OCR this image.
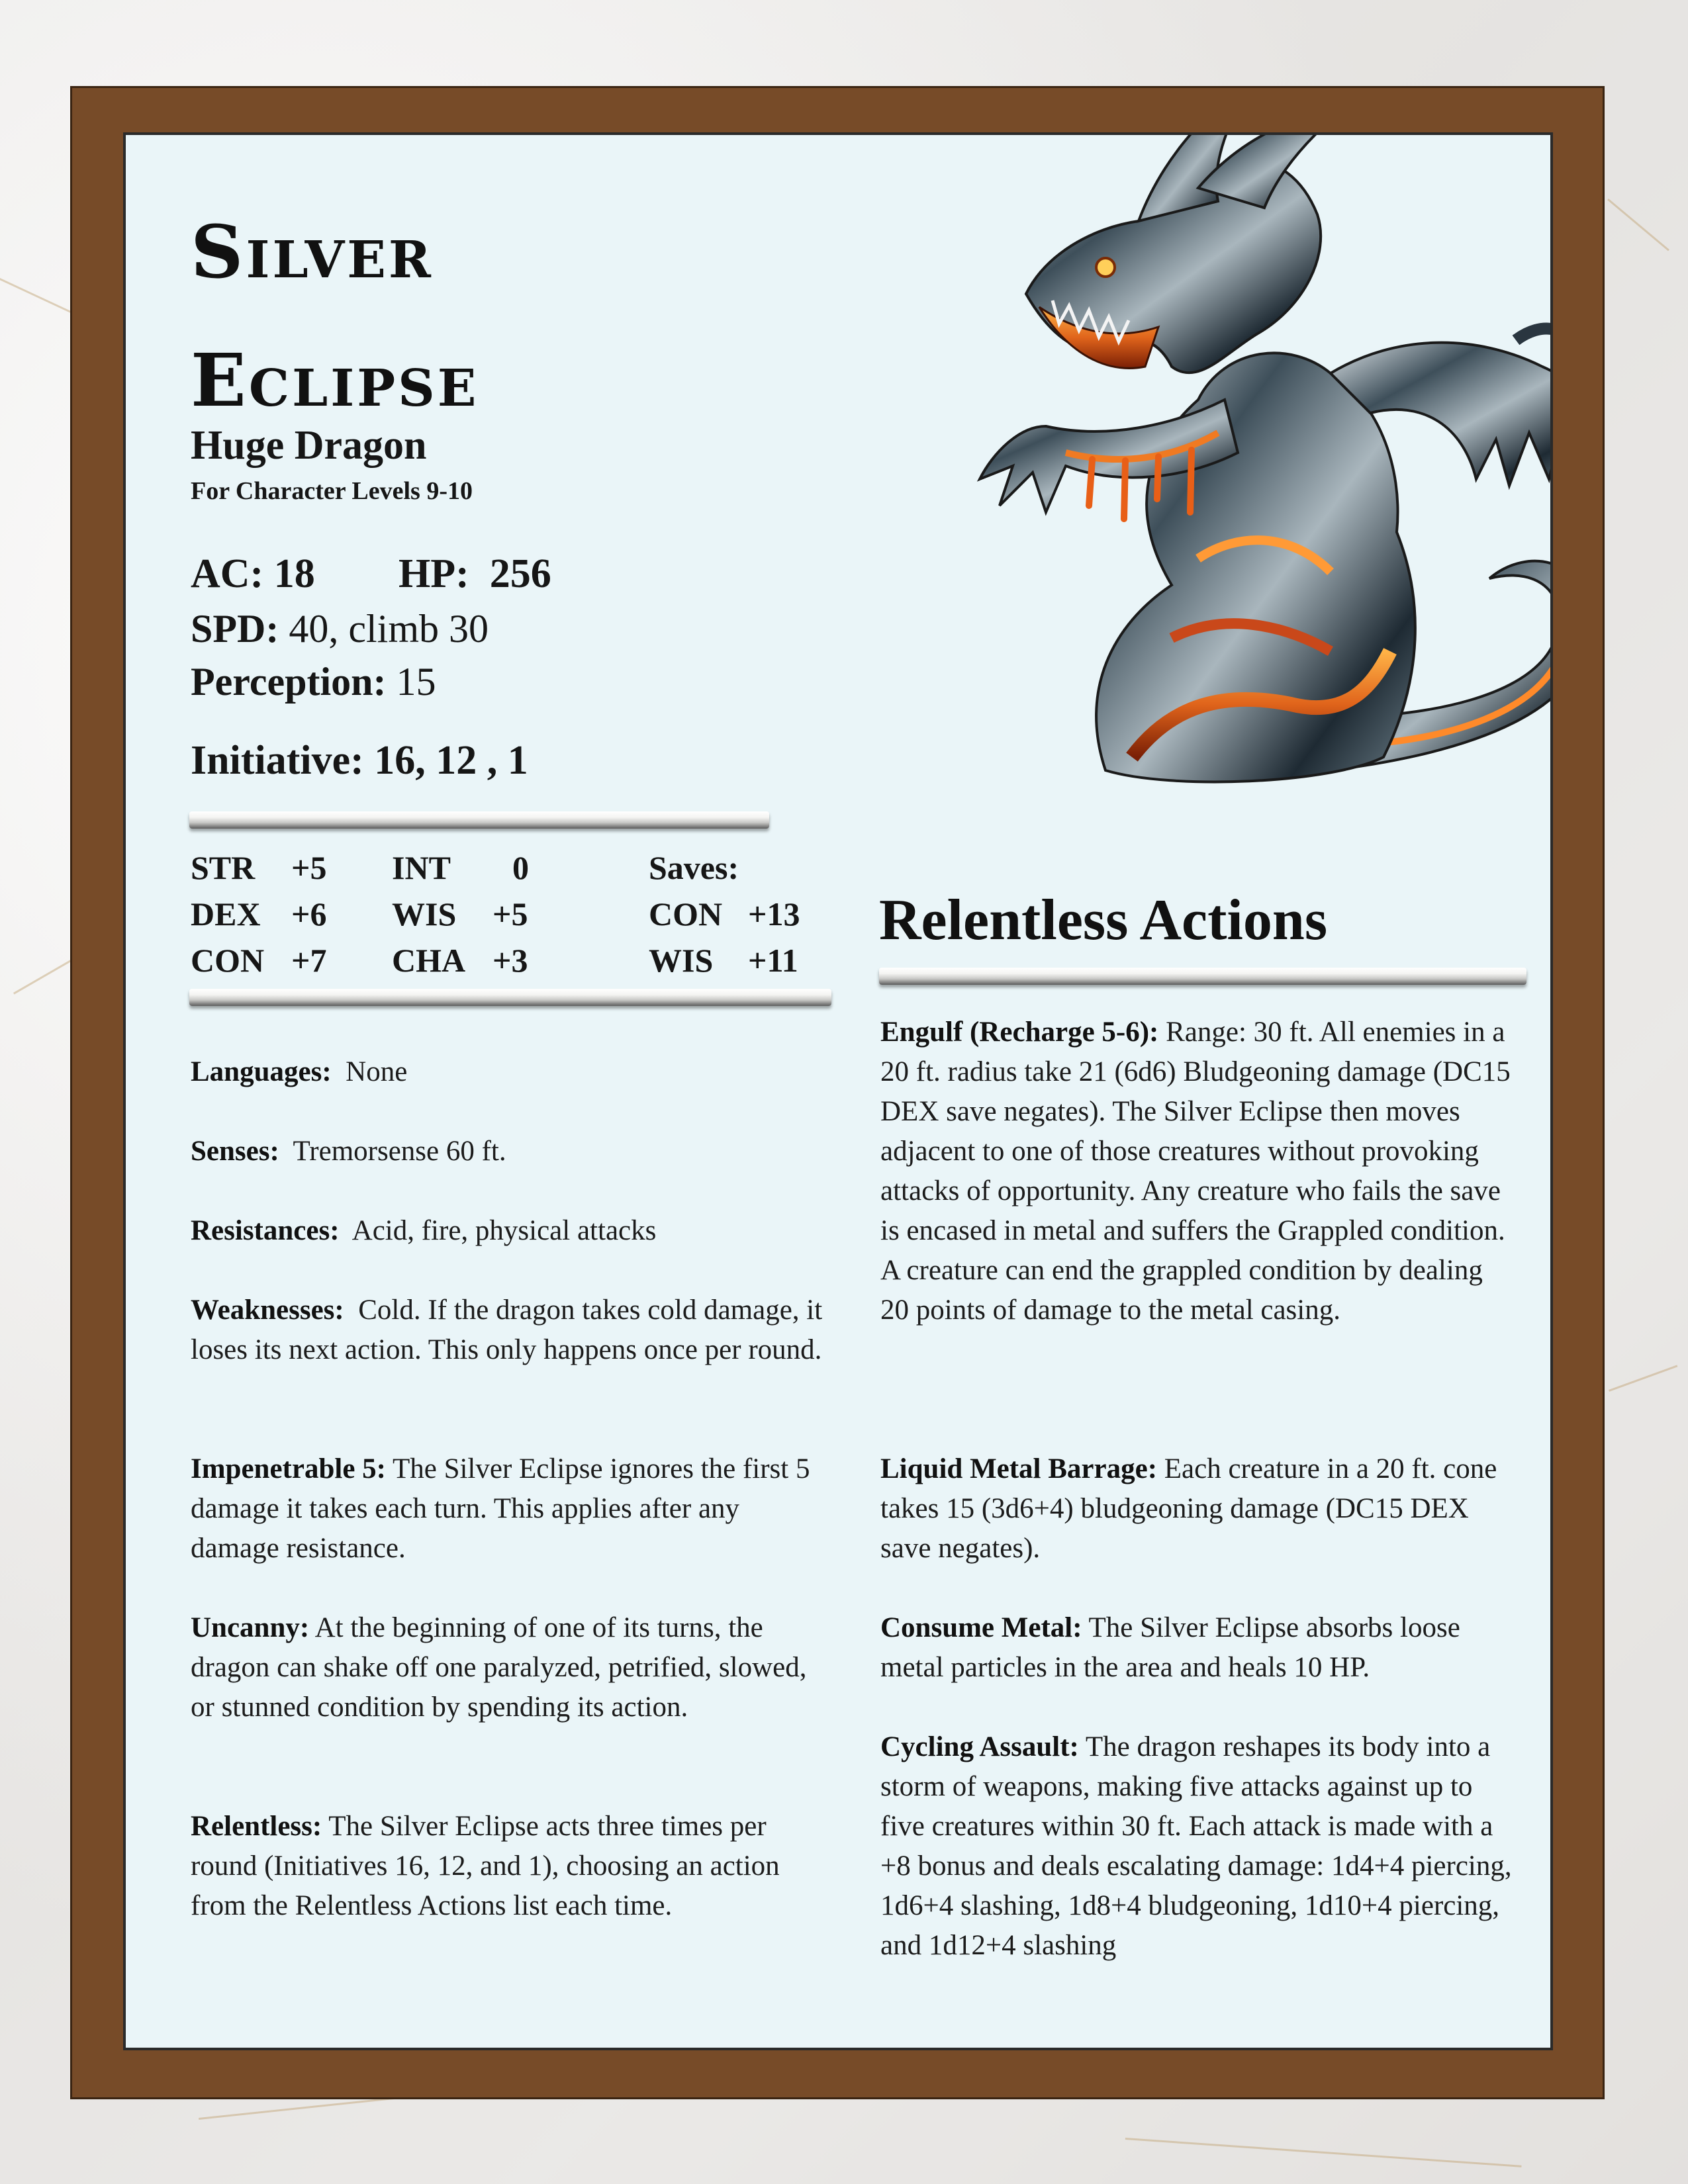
Silver
Eclipse
Huge Dragon
For Character Levels 9-10
AC: 18 HP: 256
SPD: 40, climb 30
Perception: 15
Initiative: 16, 12 , 1
STR +5
DEX +6
CON +7
INT 0
WIS +5
CHA +3
Saves:
CON +13
WIS +11
Languages: None
Senses: Tremorsense 60 ft.
Resistances: Acid, fire, physical attacks
Weaknesses: Cold. If the dragon takes cold damage, it loses its next action. This only happens once per round.
Impenetrable 5: The Silver Eclipse ignores the first 5 damage it takes each turn. This applies after any damage resistance.
Uncanny: At the beginning of one of its turns, the dragon can shake off one paralyzed, petrified, slowed, or stunned condition by spending its action.
Relentless: The Silver Eclipse acts three times per round (Initiatives 16, 12, and 1), choosing an action from the Relentless Actions list each time.
Relentless Actions
Engulf (Recharge 5-6): Range: 30 ft. All enemies in a 20 ft. radius take 21 (6d6) Bludgeoning damage (DC15 DEX save negates). The Silver Eclipse then moves adjacent to one of those creatures without provoking attacks of opportunity. Any creature who fails the save is encased in metal and suffers the Grappled condition. A creature can end the grappled condition by dealing 20 points of damage to the metal casing.
Liquid Metal Barrage: Each creature in a 20 ft. cone takes 15 (3d6+4) bludgeoning damage (DC15 DEX save negates).
Consume Metal: The Silver Eclipse absorbs loose metal particles in the area and heals 10 HP.
Cycling Assault: The dragon reshapes its body into a storm of weapons, making five attacks against up to five creatures within 30 ft. Each attack is made with a +8 bonus and deals escalating damage: 1d4+4 piercing, 1d6+4 slashing, 1d8+4 bludgeoning, 1d10+4 piercing, and 1d12+4 slashing
